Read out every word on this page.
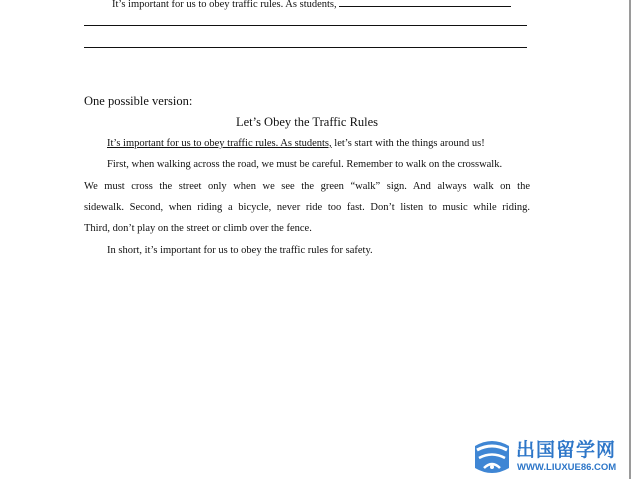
It’s important for us to obey traffic rules. As students,
One possible version:
Let’s Obey the Traffic Rules
It’s important for us to obey traffic rules. As students, let’s start with the things around us!
First, when walking across the road, we must be careful. Remember to walk on the crosswalk.
We must cross the street only when we see the green “walk” sign. And always walk on the
sidewalk. Second, when riding a bicycle, never ride too fast. Don’t listen to music while riding.
Third, don’t play on the street or climb over the fence.
In short, it’s important for us to obey the traffic rules for safety.
出国留学网
WWW.LIUXUE86.COM
